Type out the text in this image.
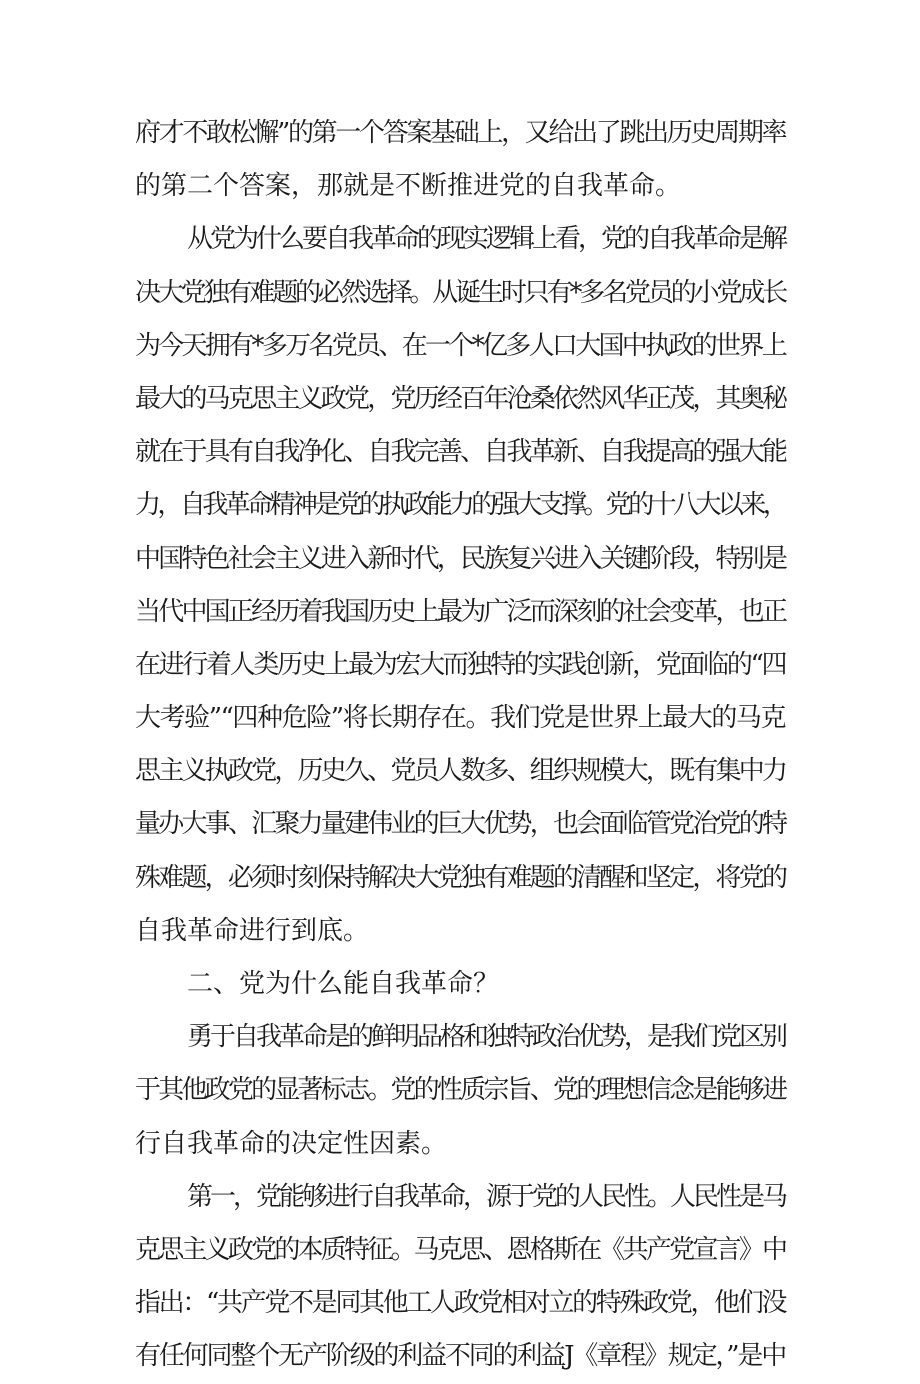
府才不敢松懈”的第一个答案基础上，又给出了跳出历史周期率
的第二个答案，那就是不断推进党的自我革命。
从党为什么要自我革命的现实逻辑上看，党的自我革命是解
决大党独有难题的必然选择。从诞生时只有*多名党员的小党成长
为今天拥有*多万名党员、在一个*亿多人口大国中执政的世界上
最大的马克思主义政党，党历经百年沧桑依然风华正茂，其奥秘
就在于具有自我净化、自我完善、自我革新、自我提高的强大能
力，自我革命精神是党的执政能力的强大支撑。党的十八大以来，
中国特色社会主义进入新时代，民族复兴进入关键阶段，特别是
当代中国正经历着我国历史上最为广泛而深刻的社会变革，也正
在进行着人类历史上最为宏大而独特的实践创新，党面临的“四
大考验”“四种危险”将长期存在。我们党是世界上最大的马克
思主义执政党，历史久、党员人数多、组织规模大，既有集中力
量办大事、汇聚力量建伟业的巨大优势，也会面临管党治党的特
殊难题，必须时刻保持解决大党独有难题的清醒和坚定，将党的
自我革命进行到底。
二、党为什么能自我革命？
勇于自我革命是的鲜明品格和独特政治优势，是我们党区别
于其他政党的显著标志。党的性质宗旨、党的理想信念是能够进
行自我革命的决定性因素。
第一，党能够进行自我革命，源于党的人民性。人民性是马
克思主义政党的本质特征。马克思、恩格斯在《共产党宣言》中
指出：“共产党不是同其他工人政党相对立的特殊政党，他们没
有任何同整个无产阶级的利益不同的利益J《章程》规定，”是中
